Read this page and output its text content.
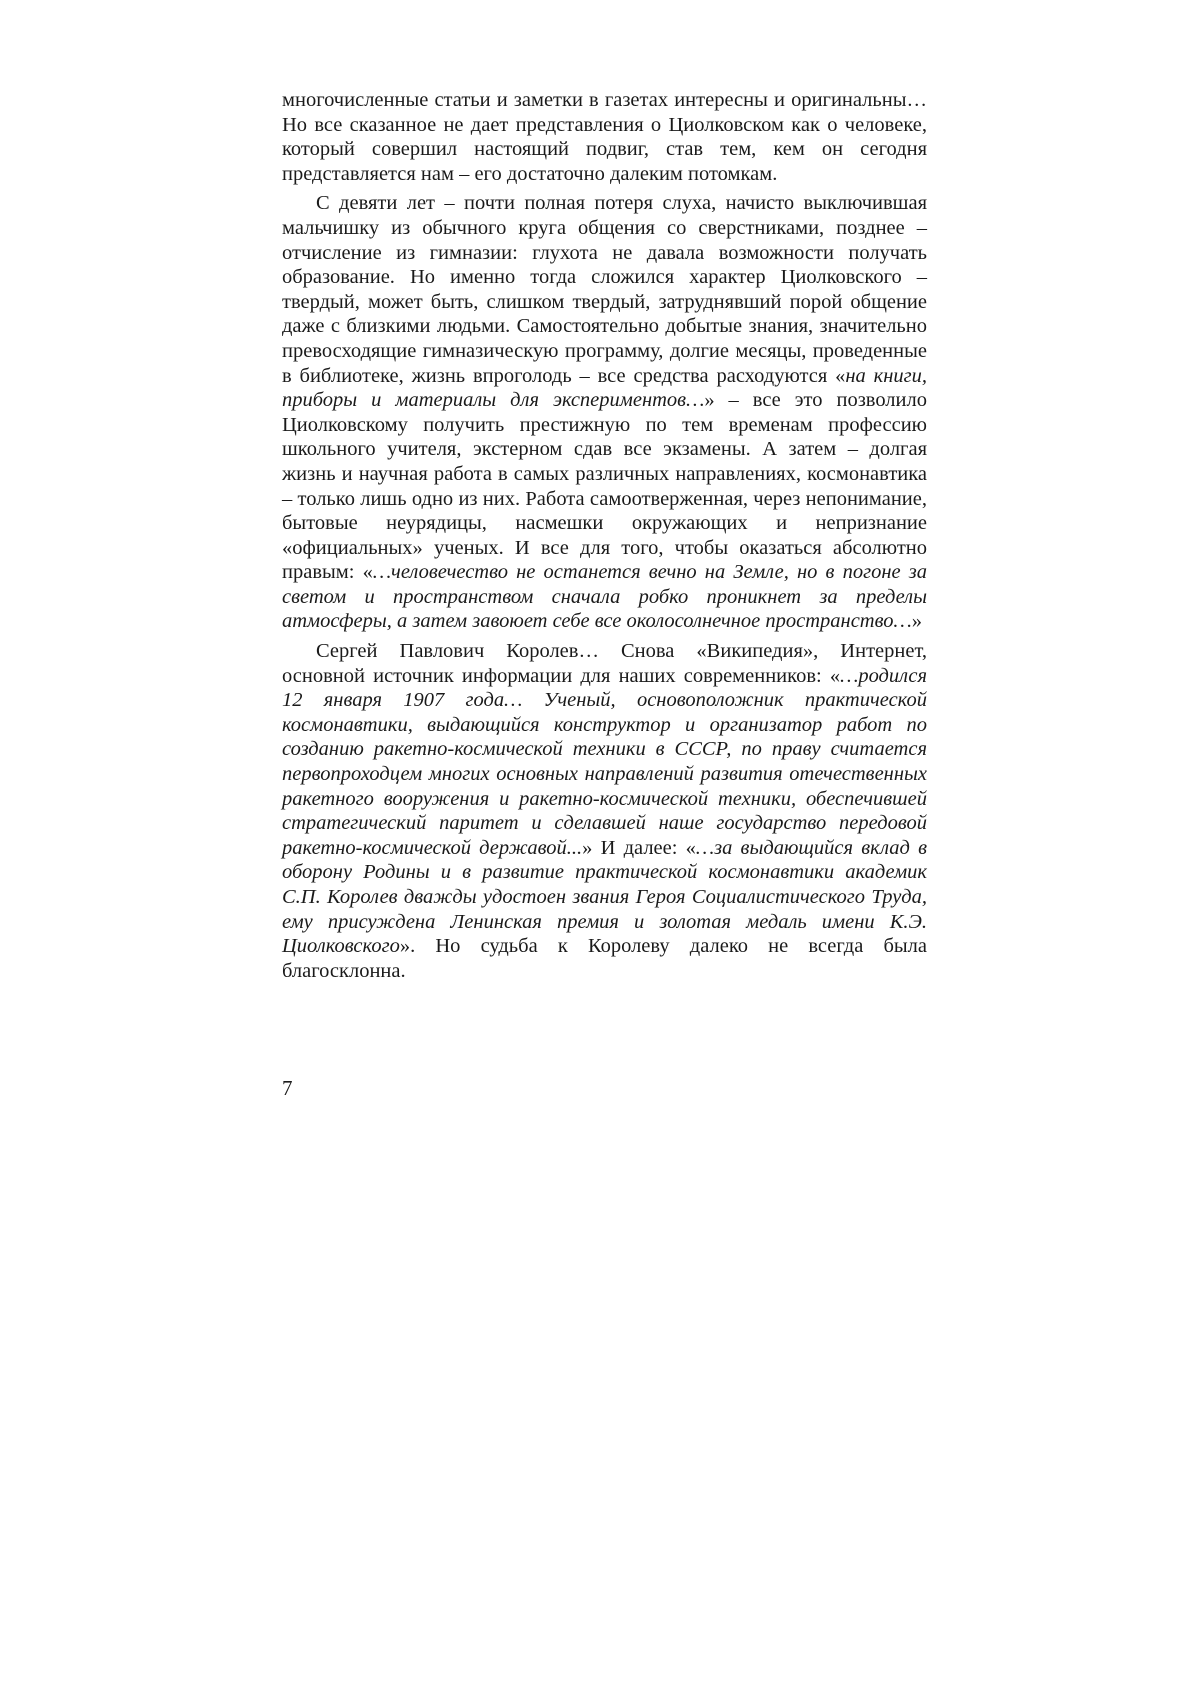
многочисленные статьи и заметки в газетах интересны и оригинальны… Но все сказанное не дает представления о Циолковском как о человеке, который совершил настоящий подвиг, став тем, кем он сегодня представляется нам – его достаточно далеким потомкам.

С девяти лет – почти полная потеря слуха, начисто выключившая мальчишку из обычного круга общения со сверстниками, позднее – отчисление из гимназии: глухота не давала возможности получать образование. Но именно тогда сложился характер Циолковского – твердый, может быть, слишком твердый, затруднявший порой общение даже с близкими людьми. Самостоятельно добытые знания, значительно превосходящие гимназическую программу, долгие месяцы, проведенные в библиотеке, жизнь впроголодь – все средства расходуются «на книги, приборы и материалы для экспериментов…» – все это позволило Циолковскому получить престижную по тем временам профессию школьного учителя, экстерном сдав все экзамены. А затем – долгая жизнь и научная работа в самых различных направлениях, космонавтика – только лишь одно из них. Работа самоотверженная, через непонимание, бытовые неурядицы, насмешки окружающих и непризнание «официальных» ученых. И все для того, чтобы оказаться абсолютно правым: «…человечество не останется вечно на Земле, но в погоне за светом и пространством сначала робко проникнет за пределы атмосферы, а затем завоюет себе все околосолнечное пространство…»

Сергей Павлович Королев… Снова «Википедия», Интернет, основной источник информации для наших современников: «…родился 12 января 1907 года… Ученый, основоположник практической космонавтики, выдающийся конструктор и организатор работ по созданию ракетно-космической техники в СССР, по праву считается первопроходцем многих основных направлений развития отечественных ракетного вооружения и ракетно-космической техники, обеспечившей стратегический паритет и сделавшей наше государство передовой ракетно-космической державой...» И далее: «…за выдающийся вклад в оборону Родины и в развитие практической космонавтики академик С.П. Королев дважды удостоен звания Героя Социалистического Труда, ему присуждена Ленинская премия и золотая медаль имени К.Э. Циолковского». Но судьба к Королеву далеко не всегда была благосклонна.

7
